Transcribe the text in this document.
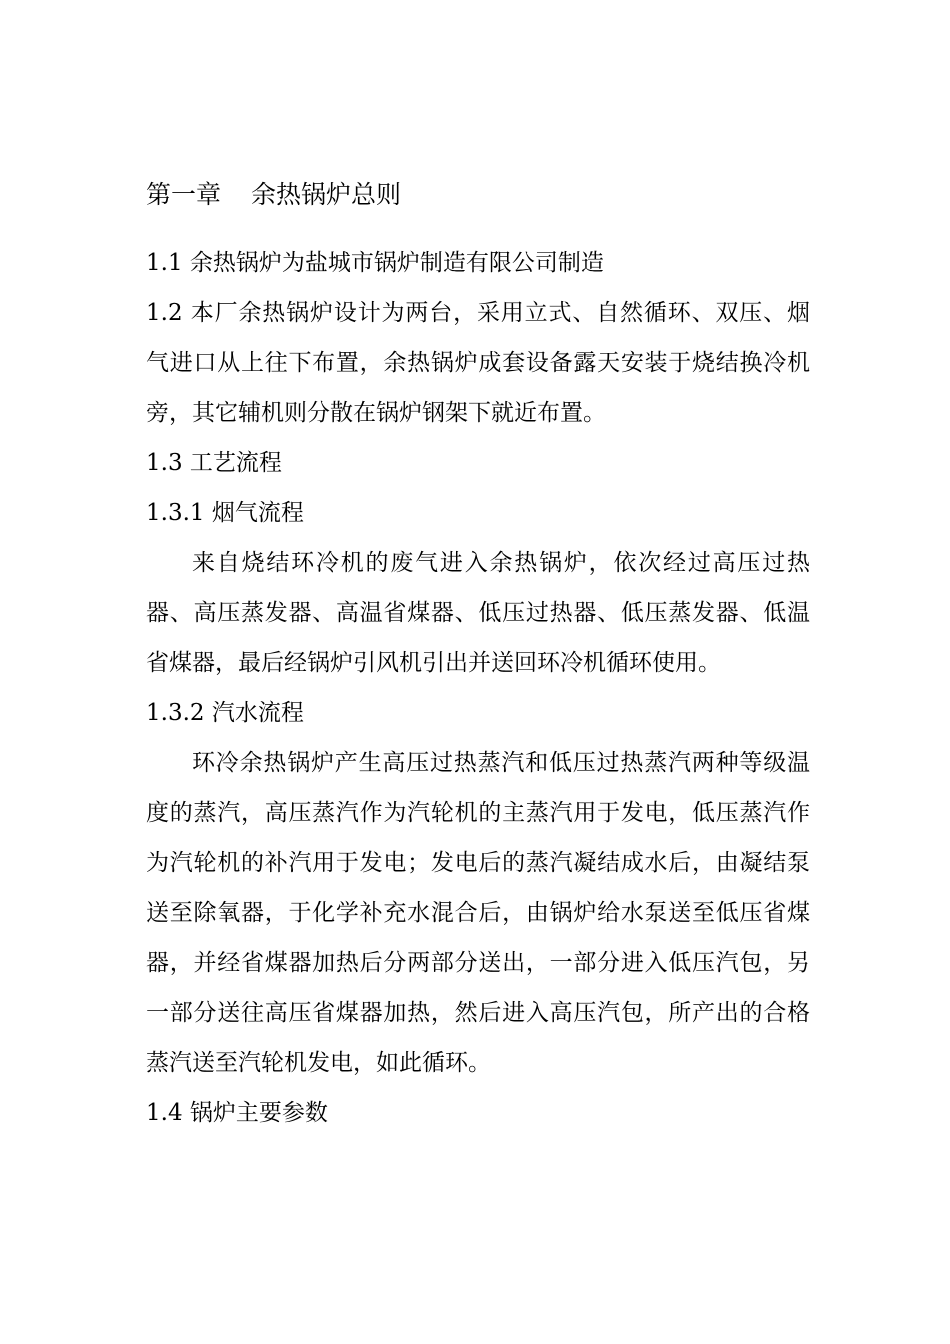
第一章 余热锅炉总则

1.1 余热锅炉为盐城市锅炉制造有限公司制造

1.2 本厂余热锅炉设计为两台，采用立式、自然循环、双压、烟气进口从上往下布置，余热锅炉成套设备露天安装于烧结换冷机旁，其它辅机则分散在锅炉钢架下就近布置。

1.3 工艺流程

1.3.1 烟气流程

来自烧结环冷机的废气进入余热锅炉，依次经过高压过热器、高压蒸发器、高温省煤器、低压过热器、低压蒸发器、低温省煤器，最后经锅炉引风机引出并送回环冷机循环使用。

1.3.2 汽水流程

环冷余热锅炉产生高压过热蒸汽和低压过热蒸汽两种等级温度的蒸汽，高压蒸汽作为汽轮机的主蒸汽用于发电，低压蒸汽作为汽轮机的补汽用于发电；发电后的蒸汽凝结成水后，由凝结泵送至除氧器，于化学补充水混合后，由锅炉给水泵送至低压省煤器，并经省煤器加热后分两部分送出，一部分进入低压汽包，另一部分送往高压省煤器加热，然后进入高压汽包，所产出的合格蒸汽送至汽轮机发电，如此循环。

1.4 锅炉主要参数
